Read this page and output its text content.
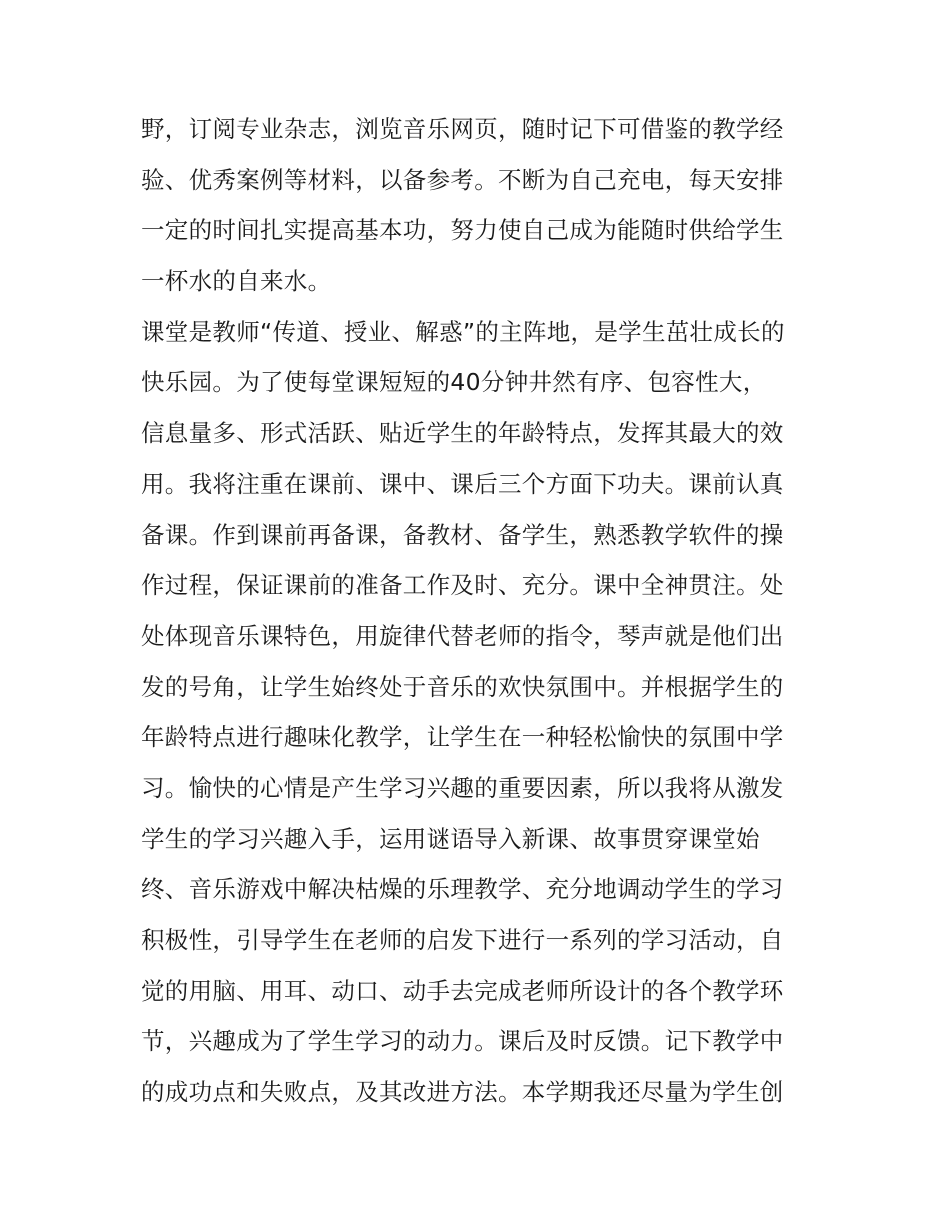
野，订阅专业杂志，浏览音乐网页，随时记下可借鉴的教学经
验、优秀案例等材料，以备参考。不断为自己充电，每天安排
一定的时间扎实提高基本功，努力使自己成为能随时供给学生
一杯水的自来水。
课堂是教师“传道、授业、解惑”的主阵地，是学生茁壮成长的
快乐园。为了使每堂课短短的40分钟井然有序、包容性大，
信息量多、形式活跃、贴近学生的年龄特点，发挥其最大的效
用。我将注重在课前、课中、课后三个方面下功夫。课前认真
备课。作到课前再备课，备教材、备学生，熟悉教学软件的操
作过程，保证课前的准备工作及时、充分。课中全神贯注。处
处体现音乐课特色，用旋律代替老师的指令，琴声就是他们出
发的号角，让学生始终处于音乐的欢快氛围中。并根据学生的
年龄特点进行趣味化教学，让学生在一种轻松愉快的氛围中学
习。愉快的心情是产生学习兴趣的重要因素，所以我将从激发
学生的学习兴趣入手，运用谜语导入新课、故事贯穿课堂始
终、音乐游戏中解决枯燥的乐理教学、充分地调动学生的学习
积极性，引导学生在老师的启发下进行一系列的学习活动，自
觉的用脑、用耳、动口、动手去完成老师所设计的各个教学环
节，兴趣成为了学生学习的动力。课后及时反馈。记下教学中
的成功点和失败点，及其改进方法。本学期我还尽量为学生创
